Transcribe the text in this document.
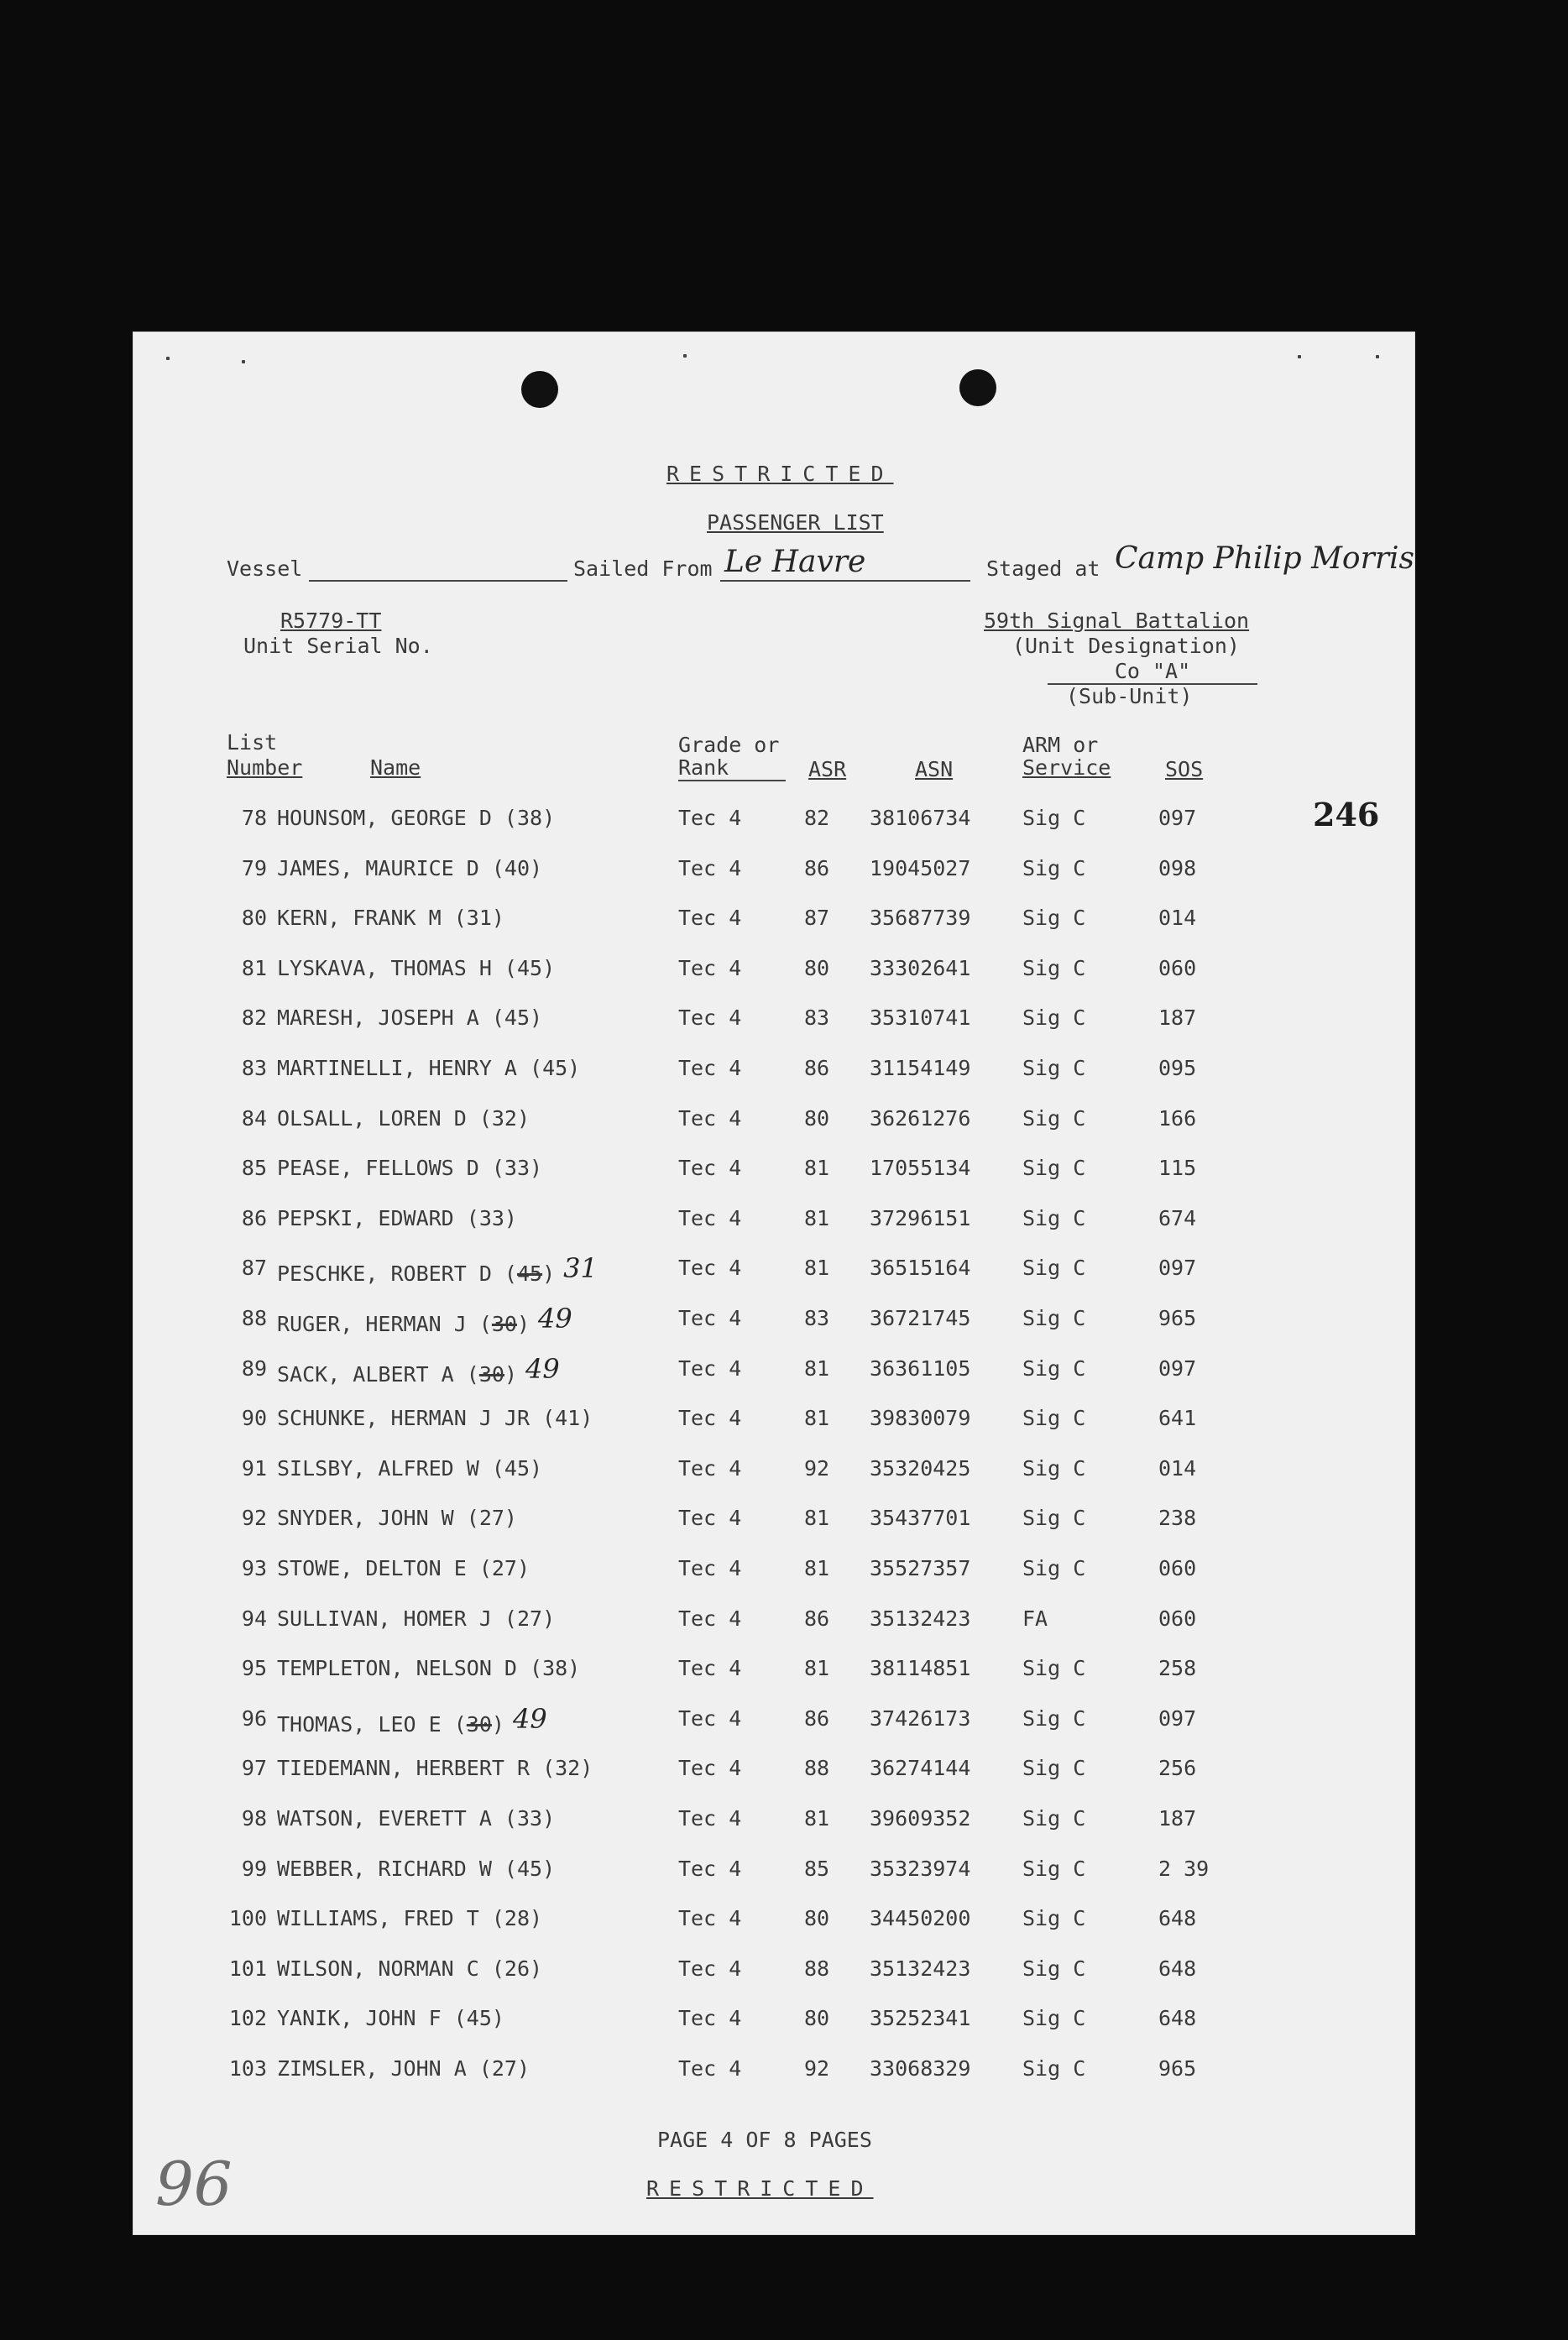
RESTRICTED
PASSENGER LIST
Vessel	Sailed From Le Havre	Staged at Camp Philip Morris
R5779-TT
Unit Serial No.
59th Signal Battalion
(Unit Designation)
Co "A"
(Sub-Unit)
246
List
Number	Name
Grade or
Rank	ASR	ASN
ARM or
Service	SOS
78 HOUNSOM, GEORGE D (38)	Tec 4	82 38106734 Sig C	097
79 JAMES, MAURICE D (40)	Tec 4	86 19045027 Sig C	098
80 KERN, FRANK M (31)	Tec 4	87 35687739 Sig C	014
81 LYSKAVA, THOMAS H (45)	Tec 4	80 33302641 Sig C	060
82 MARESH, JOSEPH A (45)	Tec 4	83 35310741 Sig C	187
83 MARTINELLI, HENRY A (45)	Tec 4	86 31154149 Sig C	095
84 OLSALL, LOREN D (32)	Tec 4	80 36261276 Sig C	166
85 PEASE, FELLOWS D (33)	Tec 4	81 17055134 Sig C	115
86 PEPSKI, EDWARD (33)	Tec 4	81 37296151 Sig C	674
87 PESCHKE, ROBERT D (45) 31	Tec 4	81 36515164 Sig C	097
88 RUGER, HERMAN J (30) 49	Tec 4	83 36721745 Sig C	965
89 SACK, ALBERT A (30) 49	Tec 4	81 36361105 Sig C	097
90 SCHUNKE, HERMAN J JR (41)	Tec 4	81 39830079 Sig C	641
91 SILSBY, ALFRED W (45)	Tec 4	92 35320425 Sig C	014
92 SNYDER, JOHN W (27)	Tec 4	81 35437701 Sig C	238
93 STOWE, DELTON E (27)	Tec 4	81 35527357 Sig C	060
94 SULLIVAN, HOMER J (27)	Tec 4	86 35132423 FA	060
95 TEMPLETON, NELSON D (38)	Tec 4	81 38114851 Sig C	258
96 THOMAS, LEO E (30) 49	Tec 4	86 37426173 Sig C	097
97 TIEDEMANN, HERBERT R (32)	Tec 4	88 36274144 Sig C	256
98 WATSON, EVERETT A (33)	Tec 4	81 39609352 Sig C	187
99 WEBBER, RICHARD W (45)	Tec 4	85 35323974 Sig C	2 39
100 WILLIAMS, FRED T (28)	Tec 4	80 34450200 Sig C	648
101 WILSON, NORMAN C (26)	Tec 4	88 35132423 Sig C	648
102 YANIK, JOHN F (45)	Tec 4	80 35252341 Sig C	648
103 ZIMSLER, JOHN A (27)	Tec 4	92 33068329 Sig C	965
PAGE 4 OF 8 PAGES
RESTRICTED
96
